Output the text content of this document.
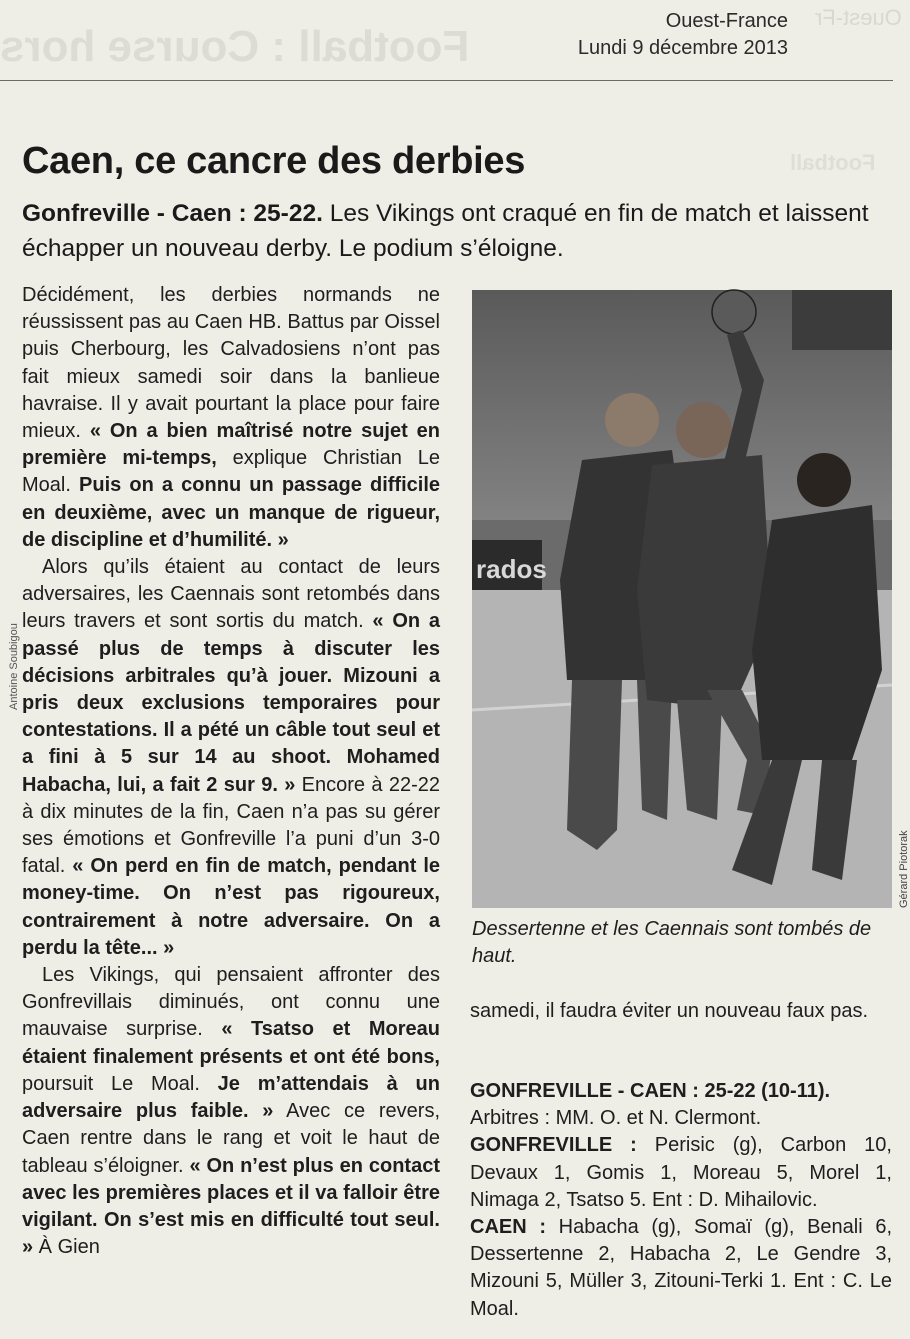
Football : Course hors
Ouest-Fr
Football
Ouest-France
Lundi 9 décembre 2013
Caen, ce cancre des derbies

Gonfreville - Caen : 25-22. Les Vikings ont craqué en fin de match et laissent échapper un nouveau derby. Le podium s’éloigne.

Décidément, les derbies normands ne réussissent pas au Caen HB. Battus par Oissel puis Cherbourg, les Calvadosiens n’ont pas fait mieux samedi soir dans la banlieue havraise. Il y avait pourtant la place pour faire mieux. « On a bien maîtrisé notre sujet en première mi-temps, explique Christian Le Moal. Puis on a connu un passage difficile en deuxième, avec un manque de rigueur, de discipline et d’humilité. »

Alors qu’ils étaient au contact de leurs adversaires, les Caennais sont retombés dans leurs travers et sont sortis du match. « On a passé plus de temps à discuter les décisions arbitrales qu’à jouer. Mizouni a pris deux exclusions temporaires pour contestations. Il a pété un câble tout seul et a fini à 5 sur 14 au shoot. Mohamed Habacha, lui, a fait 2 sur 9. » Encore à 22-22 à dix minutes de la fin, Caen n’a pas su gérer ses émotions et Gonfreville l’a puni d’un 3-0 fatal. « On perd en fin de match, pendant le money-time. On n’est pas rigoureux, contrairement à notre adversaire. On a perdu la tête... »

Les Vikings, qui pensaient affronter des Gonfrevillais diminués, ont connu une mauvaise surprise. « Tsatso et Moreau étaient finalement présents et ont été bons, poursuit Le Moal. Je m’attendais à un adversaire plus faible. » Avec ce revers, Caen rentre dans le rang et voit le haut de tableau s’éloigner. « On n’est plus en contact avec les premières places et il va falloir être vigilant. On s’est mis en difficulté tout seul. » À Gien

Antoine Soubigou
rados
Gérard Piotorak

Dessertenne et les Caennais sont tombés de haut.

samedi, il faudra éviter un nouveau faux pas.

GONFREVILLE - CAEN : 25-22 (10-11).
Arbitres : MM. O. et N. Clermont.
GONFREVILLE : Perisic (g), Carbon 10, Devaux 1, Gomis 1, Moreau 5, Morel 1, Nimaga 2, Tsatso 5. Ent : D. Mihailovic.
CAEN : Habacha (g), Somaï (g), Benali 6, Dessertenne 2, Habacha 2, Le Gendre 3, Mizouni 5, Müller 3, Zitouni-Terki 1. Ent : C. Le Moal.
